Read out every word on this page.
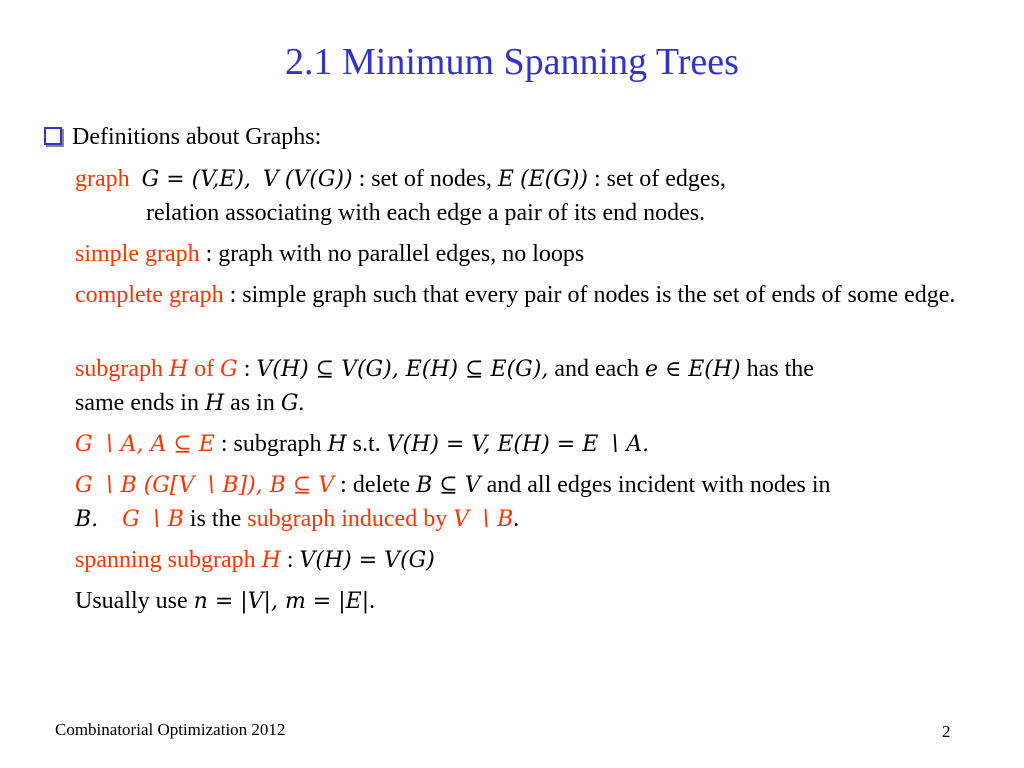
2.1 Minimum Spanning Trees
Definitions about Graphs:
graph G = (V,E), V (V(G)) : set of nodes, E (E(G)) : set of edges,
relation associating with each edge a pair of its end nodes.
simple graph : graph with no parallel edges, no loops
complete graph : simple graph such that every pair of nodes is the set of ends of some edge.
subgraph H of G : V(H) ⊆ V(G), E(H) ⊆ E(G), and each e ∈ E(H) has the
same ends in H as in G.
G ∖ A, A ⊆ E : subgraph H s.t. V(H) = V, E(H) = E ∖ A.
G ∖ B (G[V ∖ B]), B ⊆ V : delete B ⊆ V and all edges incident with nodes in
B. G ∖ B is the subgraph induced by V ∖ B.
spanning subgraph H : V(H) = V(G)
Usually use n = |V|, m = |E|.
Combinatorial Optimization 2012	2
